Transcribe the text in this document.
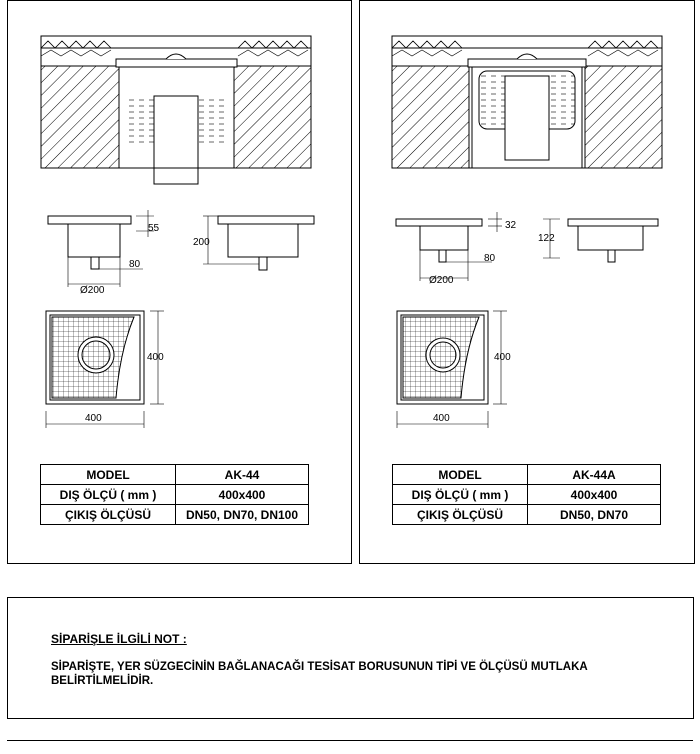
55
80
Ø200
200
400
400
MODEL	AK-44
DIŞ ÖLÇÜ ( mm )	400x400
ÇIKIŞ ÖLÇÜSÜ	DN50, DN70, DN100
32
80
Ø200
122
400
400
MODEL	AK-44A
DIŞ ÖLÇÜ ( mm )	400x400
ÇIKIŞ ÖLÇÜSÜ	DN50, DN70
SİPARİŞLE İLGİLİ NOT :
SİPARİŞTE, YER SÜZGECİNİN BAĞLANACAĞI TESİSAT BORUSUNUN TİPİ VE ÖLÇÜSÜ MUTLAKA BELİRTİLMELİDİR.
